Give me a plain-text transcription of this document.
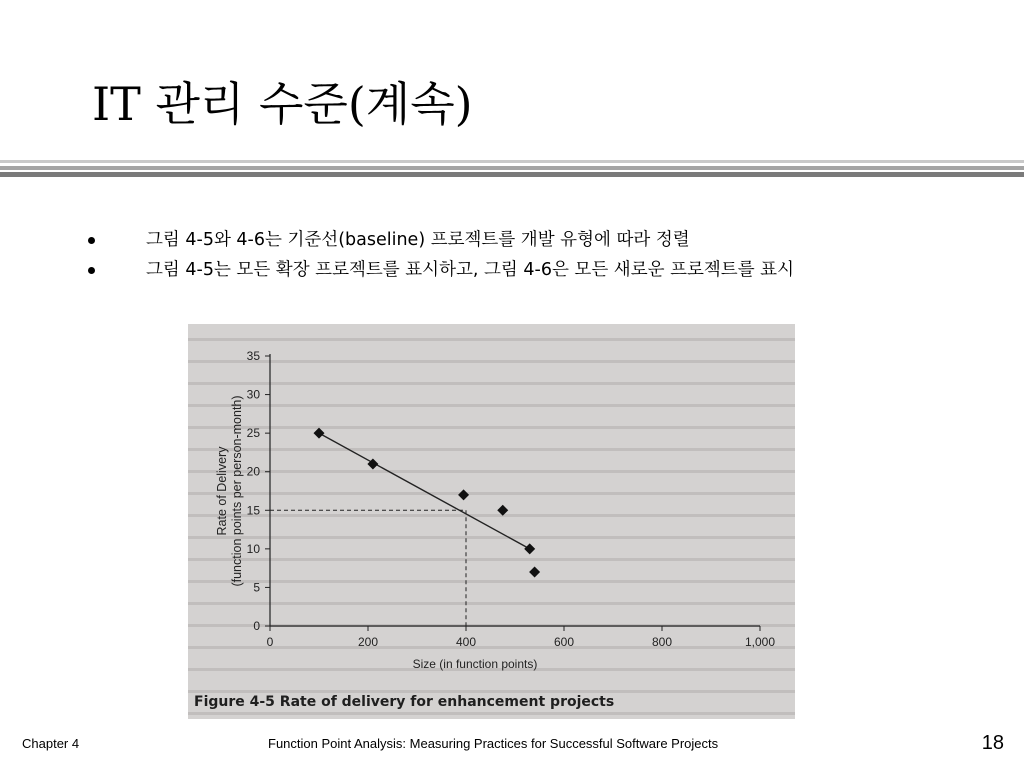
IT 관리 수준(계속)
그림 4-5와 4-6는 기준선(baseline) 프로젝트를 개발 유형에 따라 정렬
그림 4-5는 모든 확장 프로젝트를 표시하고, 그림 4-6은 모든 새로운 프로젝트를 표시
0
5
10
15
20
25
30
35
0	200	400	600	800	1,000
Size (in function points)
Rate of Delivery (function points per person-month)
Figure 4-5 Rate of delivery for enhancement projects
Chapter 4	Function Point Analysis: Measuring Practices for Successful Software Projects	18
